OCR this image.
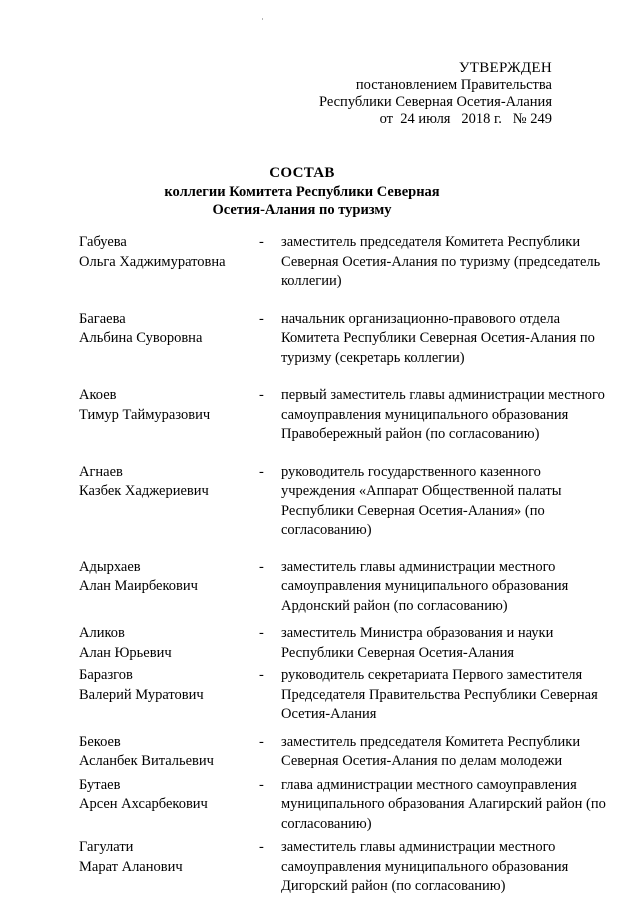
УТВЕРЖДЕН
постановлением Правительства
Республики Северная Осетия-Алания
от  24 июля   2018 г.   № 249
СОСТАВ
коллегии Комитета Республики Северная
Осетия-Алания по туризму
Габуева
Ольга Хаджимуратовна
- заместитель председателя Комитета Республики Северная Осетия-Алания по туризму (председатель коллегии)
Багаева
Альбина Суворовна
- начальник организационно-правового отдела Комитета Республики Северная Осетия-Алания по туризму (секретарь коллегии)
Акоев
Тимур Таймуразович
- первый заместитель главы администрации местного самоуправления муниципального образования Правобережный район (по согласованию)
Агнаев
Казбек Хаджериевич
- руководитель государственного казенного учреждения «Аппарат Общественной палаты Республики Северная Осетия-Алания» (по согласованию)
Адырхаев
Алан Маирбекович
- заместитель главы администрации местного самоуправления муниципального образования Ардонский район (по согласованию)
Аликов
Алан Юрьевич
- заместитель Министра образования и науки Республики Северная Осетия-Алания
Баразгов
Валерий Муратович
- руководитель секретариата Первого заместителя Председателя Правительства Республики Северная Осетия-Алания
Бекоев
Асланбек Витальевич
- заместитель председателя Комитета Республики Северная Осетия-Алания по делам молодежи
Бутаев
Арсен Ахсарбекович
- глава администрации местного самоуправления муниципального образования Алагирский район (по согласованию)
Гагулати
Марат Аланович
- заместитель главы администрации местного самоуправления муниципального образования Дигорский район (по согласованию)
